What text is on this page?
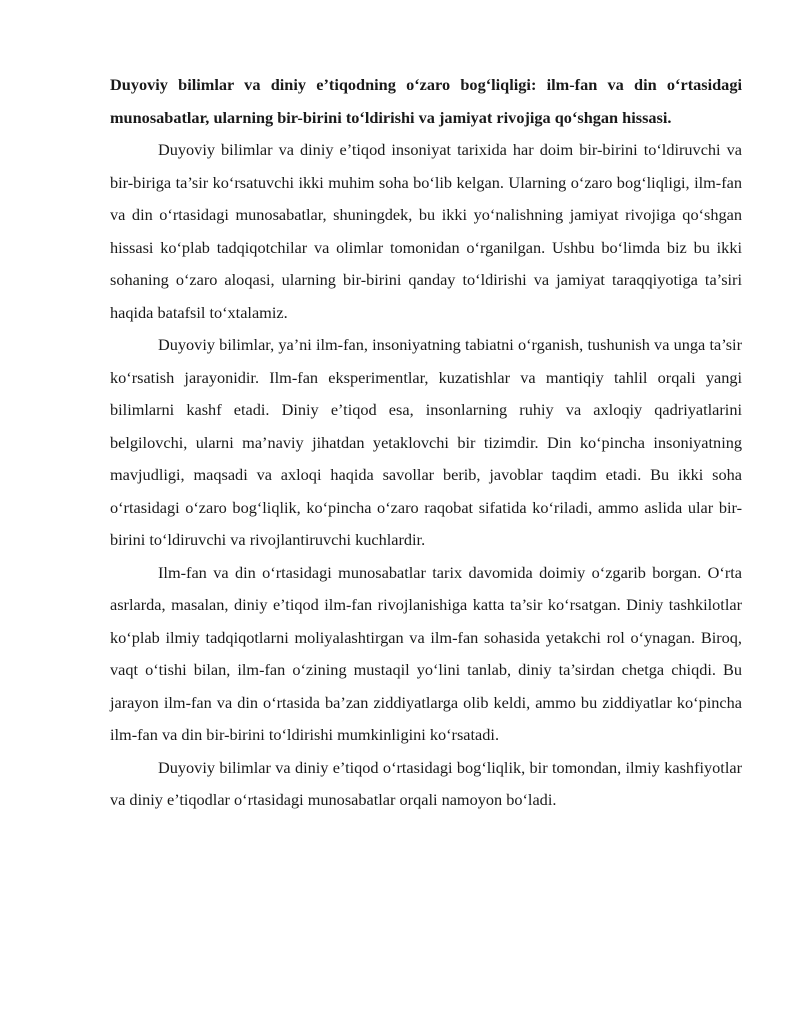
Duyoviy bilimlar va diniy e’tiqodning o‘zaro bog‘liqligi: ilm-fan va din o‘rtasidagi munosabatlar, ularning bir-birini to‘ldirishi va jamiyat rivojiga qo‘shgan hissasi.

Duyoviy bilimlar va diniy e’tiqod insoniyat tarixida har doim bir-birini to‘ldiruvchi va bir-biriga ta’sir ko‘rsatuvchi ikki muhim soha bo‘lib kelgan. Ularning o‘zaro bog‘liqligi, ilm-fan va din o‘rtasidagi munosabatlar, shuningdek, bu ikki yo‘nalishning jamiyat rivojiga qo‘shgan hissasi ko‘plab tadqiqotchilar va olimlar tomonidan o‘rganilgan. Ushbu bo‘limda biz bu ikki sohaning o‘zaro aloqasi, ularning bir-birini qanday to‘ldirishi va jamiyat taraqqiyotiga ta’siri haqida batafsil to‘xtalamiz.

Duyoviy bilimlar, ya’ni ilm-fan, insoniyatning tabiatni o‘rganish, tushunish va unga ta’sir ko‘rsatish jarayonidir. Ilm-fan eksperimentlar, kuzatishlar va mantiqiy tahlil orqali yangi bilimlarni kashf etadi. Diniy e’tiqod esa, insonlarning ruhiy va axloqiy qadriyatlarini belgilovchi, ularni ma’naviy jihatdan yetaklovchi bir tizimdir. Din ko‘pincha insoniyatning mavjudligi, maqsadi va axloqi haqida savollar berib, javoblar taqdim etadi. Bu ikki soha o‘rtasidagi o‘zaro bog‘liqlik, ko‘pincha o‘zaro raqobat sifatida ko‘riladi, ammo aslida ular bir-birini to‘ldiruvchi va rivojlantiruvchi kuchlardir.

Ilm-fan va din o‘rtasidagi munosabatlar tarix davomida doimiy o‘zgarib borgan. O‘rta asrlarda, masalan, diniy e’tiqod ilm-fan rivojlanishiga katta ta’sir ko‘rsatgan. Diniy tashkilotlar ko‘plab ilmiy tadqiqotlarni moliyalashtirgan va ilm-fan sohasida yetakchi rol o‘ynagan. Biroq, vaqt o‘tishi bilan, ilm-fan o‘zining mustaqil yo‘lini tanlab, diniy ta’sirdan chetga chiqdi. Bu jarayon ilm-fan va din o‘rtasida ba’zan ziddiyatlarga olib keldi, ammo bu ziddiyatlar ko‘pincha ilm-fan va din bir-birini to‘ldirishi mumkinligini ko‘rsatadi.

Duyoviy bilimlar va diniy e’tiqod o‘rtasidagi bog‘liqlik, bir tomondan, ilmiy kashfiyotlar va diniy e’tiqodlar o‘rtasidagi munosabatlar orqali namoyon bo‘ladi.
